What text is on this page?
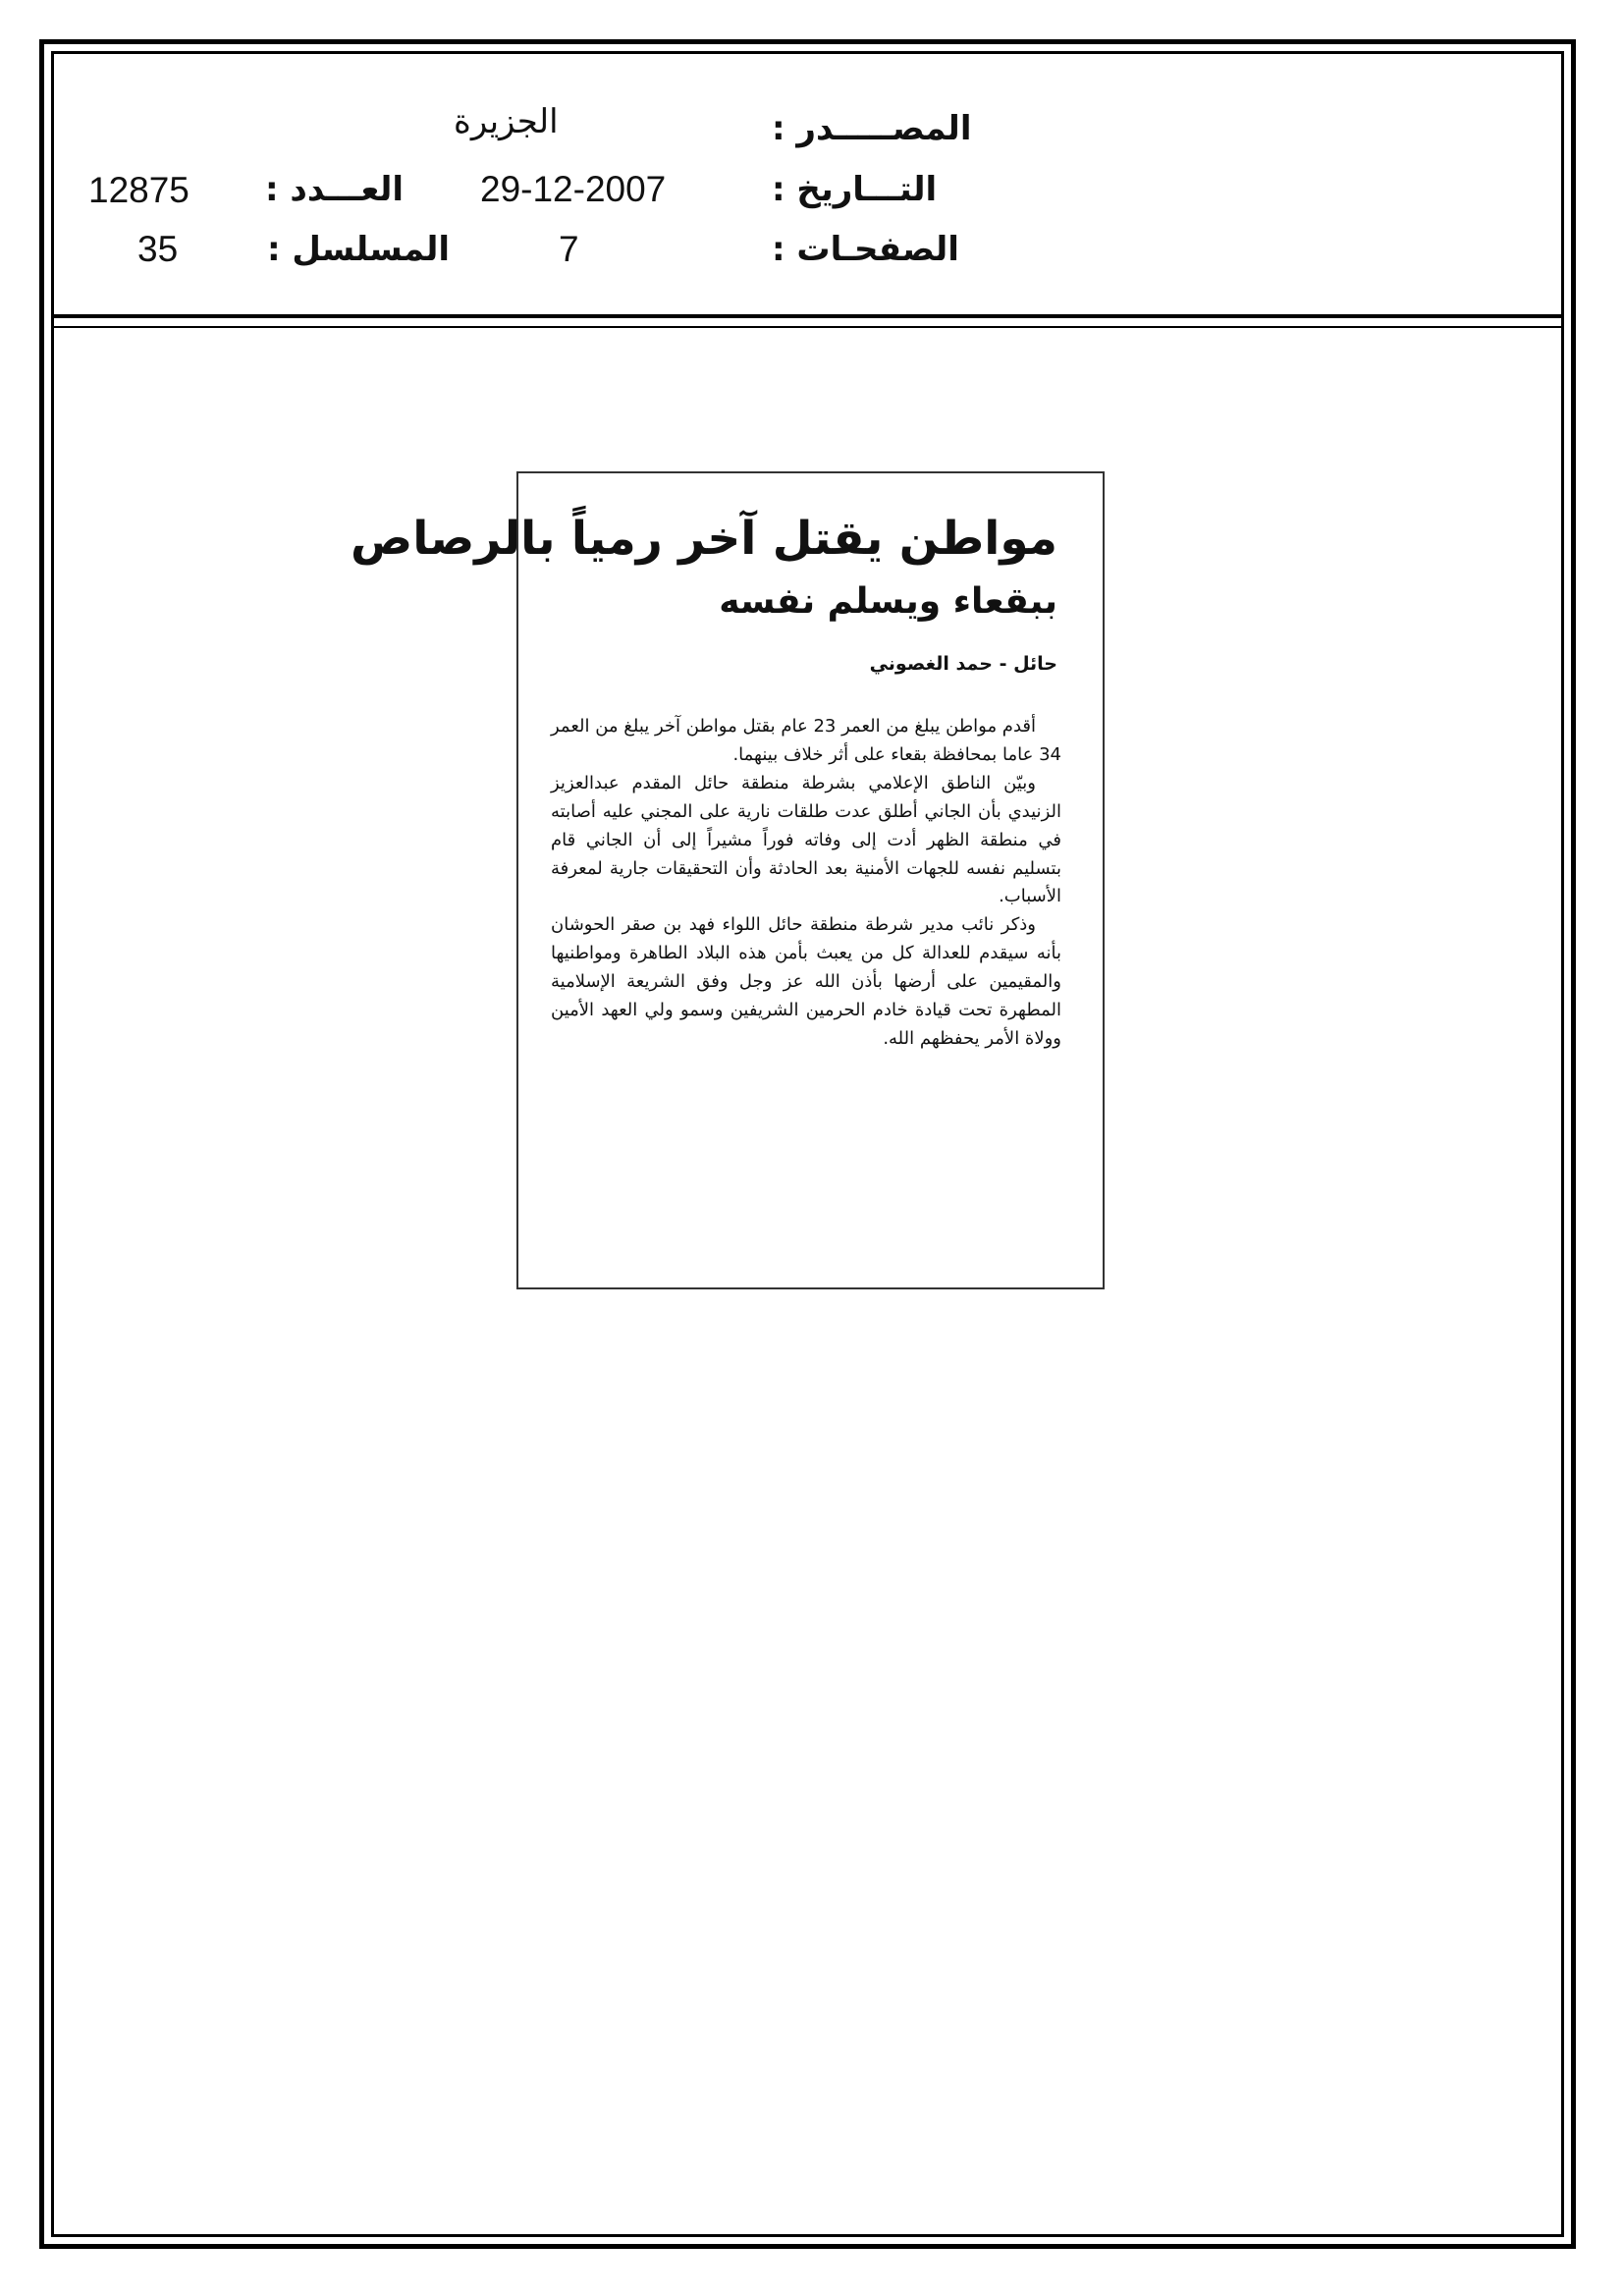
الجزيرة	المصـــــدر :
12875 العـــدد : 29-12-2007	التـــاريخ :
35	المسلسل :	7	الصفحـات :
مواطن يقتل آخر رمياً بالرصاص
ببقعاء ويسلم نفسه
حائل - حمد الغصوني

أقدم مواطن يبلغ من العمر 23 عام بقتل مواطن آخر يبلغ من العمر 34 عاما بمحافظة بقعاء على أثر خلاف بينهما.

وبيّن الناطق الإعلامي بشرطة منطقة حائل المقدم عبدالعزيز الزنيدي بأن الجاني أطلق عدت طلقات نارية على المجني عليه أصابته في منطقة الظهر أدت إلى وفاته فوراً مشيراً إلى أن الجاني قام بتسليم نفسه للجهات الأمنية بعد الحادثة وأن التحقيقات جارية لمعرفة الأسباب.

وذكر نائب مدير شرطة منطقة حائل اللواء فهد بن صقر الحوشان بأنه سيقدم للعدالة كل من يعبث بأمن هذه البلاد الطاهرة ومواطنيها والمقيمين على أرضها بأذن الله عز وجل وفق الشريعة الإسلامية المطهرة تحت قيادة خادم الحرمين الشريفين وسمو ولي العهد الأمين وولاة الأمر يحفظهم الله.
